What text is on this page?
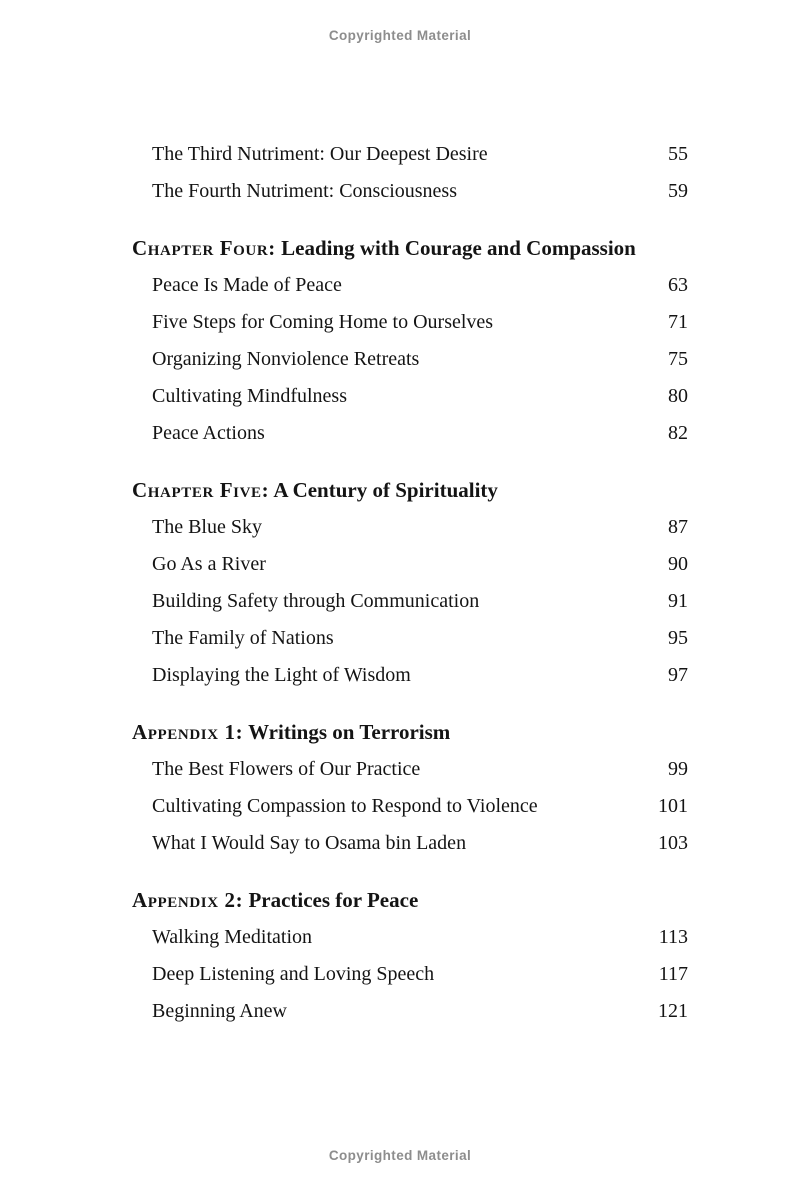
Copyrighted Material
The Third Nutriment: Our Deepest Desire	55
The Fourth Nutriment: Consciousness	59
Chapter Four: Leading with Courage and Compassion
Peace Is Made of Peace	63
Five Steps for Coming Home to Ourselves	71
Organizing Nonviolence Retreats	75
Cultivating Mindfulness	80
Peace Actions	82
Chapter Five: A Century of Spirituality
The Blue Sky	87
Go As a River	90
Building Safety through Communication	91
The Family of Nations	95
Displaying the Light of Wisdom	97
Appendix 1: Writings on Terrorism
The Best Flowers of Our Practice	99
Cultivating Compassion to Respond to Violence	101
What I Would Say to Osama bin Laden	103
Appendix 2: Practices for Peace
Walking Meditation	113
Deep Listening and Loving Speech	117
Beginning Anew	121
Copyrighted Material
